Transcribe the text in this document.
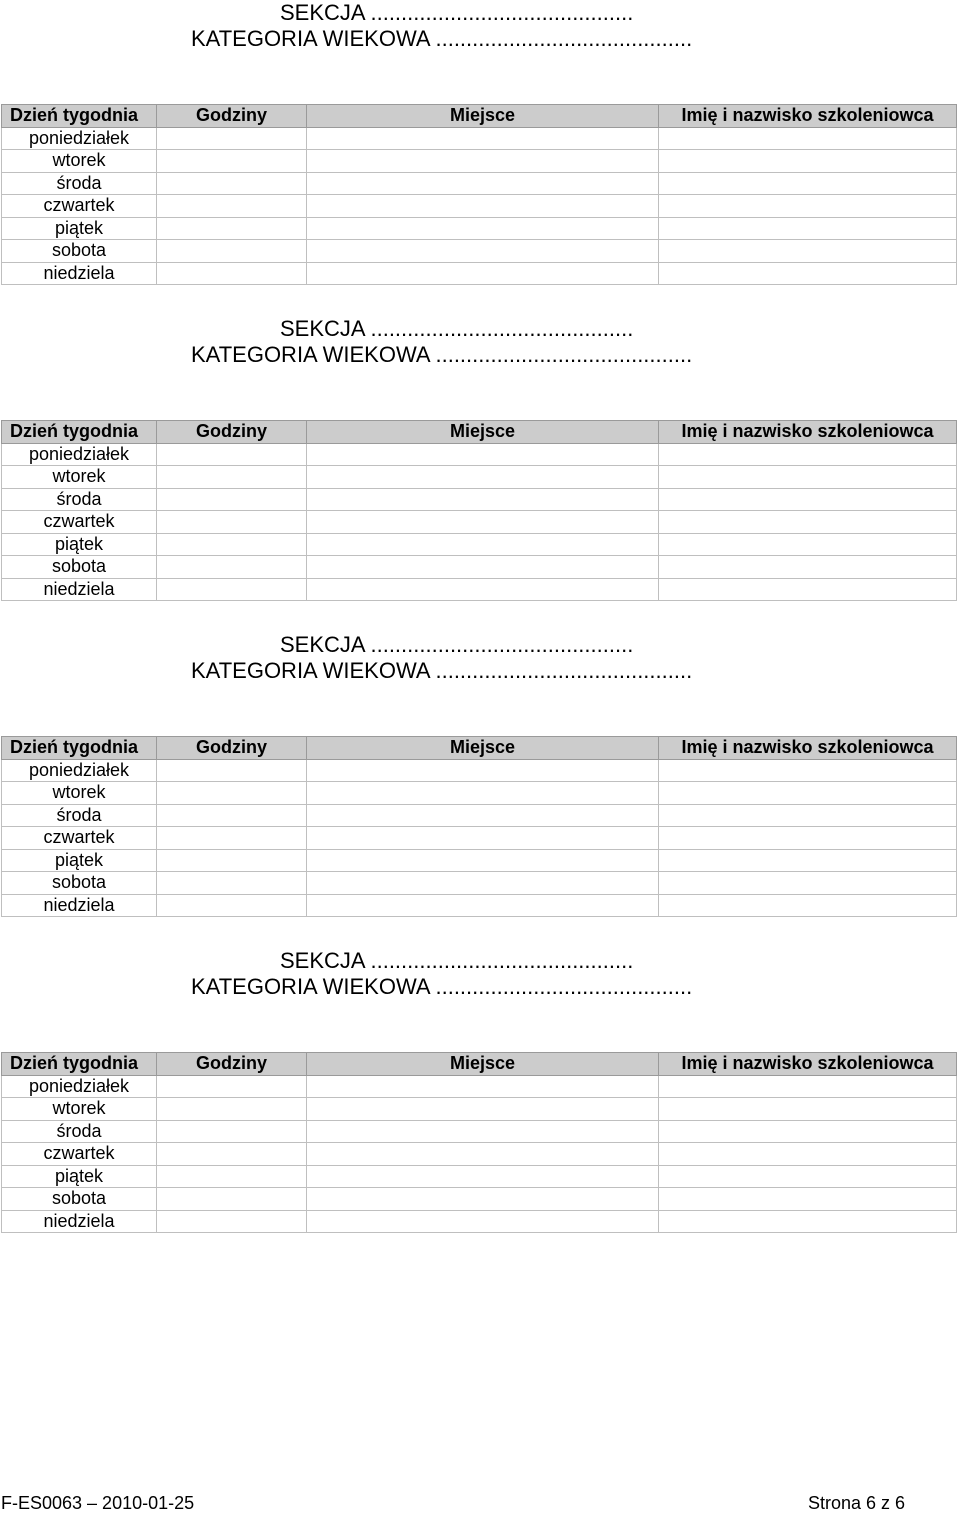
SEKCJA ...........................................
KATEGORIA WIEKOWA ..........................................
Dzień tygodnia	Godziny	Miejsce	Imię i nazwisko szkoleniowca
poniedziałek			
wtorek			
środa			
czwartek			
piątek			
sobota			
niedziela			
SEKCJA ...........................................
KATEGORIA WIEKOWA ..........................................
Dzień tygodnia	Godziny	Miejsce	Imię i nazwisko szkoleniowca
poniedziałek			
wtorek			
środa			
czwartek			
piątek			
sobota			
niedziela			
SEKCJA ...........................................
KATEGORIA WIEKOWA ..........................................
Dzień tygodnia	Godziny	Miejsce	Imię i nazwisko szkoleniowca
poniedziałek			
wtorek			
środa			
czwartek			
piątek			
sobota			
niedziela			
SEKCJA ...........................................
KATEGORIA WIEKOWA ..........................................
Dzień tygodnia	Godziny	Miejsce	Imię i nazwisko szkoleniowca
poniedziałek			
wtorek			
środa			
czwartek			
piątek			
sobota			
niedziela			
F-ES0063 – 2010-01-25	Strona 6 z 6
